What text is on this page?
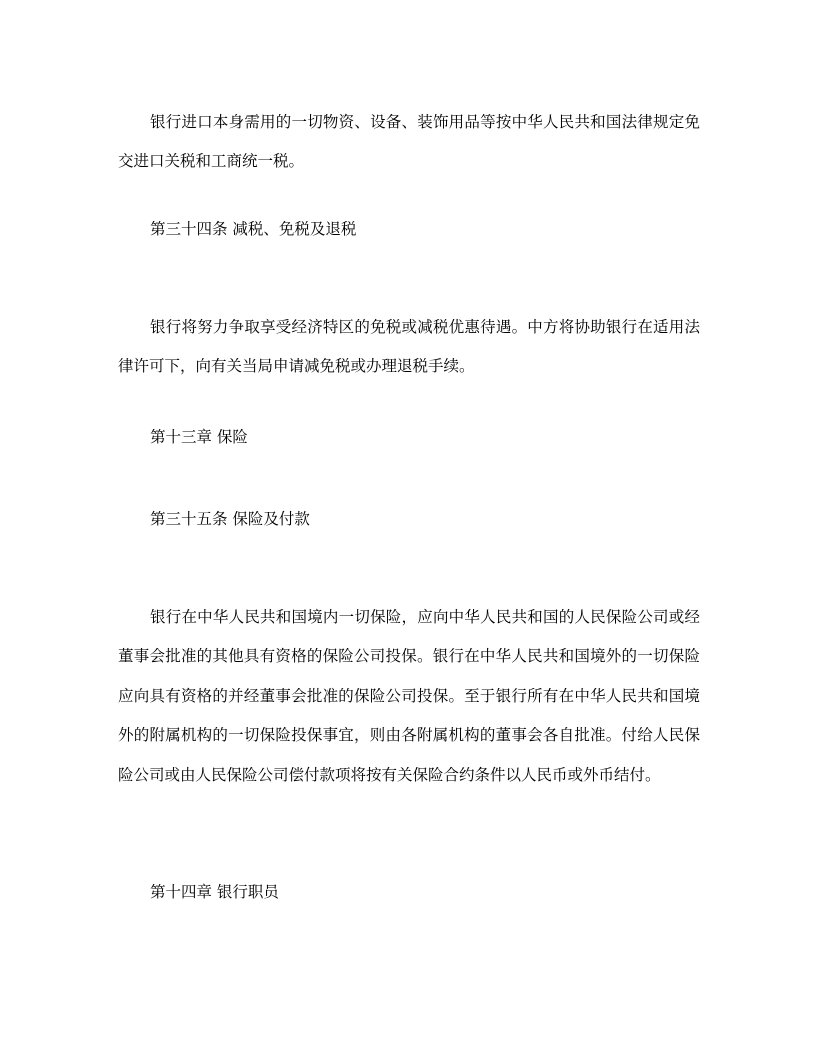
银行进口本身需用的一切物资、设备、装饰用品等按中华人民共和国法律规定免交进口关税和工商统一税。

第三十四条 减税、免税及退税

银行将努力争取享受经济特区的免税或减税优惠待遇。中方将协助银行在适用法律许可下，向有关当局申请减免税或办理退税手续。

第十三章 保险
第三十五条 保险及付款

银行在中华人民共和国境内一切保险，应向中华人民共和国的人民保险公司或经董事会批准的其他具有资格的保险公司投保。银行在中华人民共和国境外的一切保险应向具有资格的并经董事会批准的保险公司投保。至于银行所有在中华人民共和国境外的附属机构的一切保险投保事宜，则由各附属机构的董事会各自批准。付给人民保险公司或由人民保险公司偿付款项将按有关保险合约条件以人民币或外币结付。

第十四章 银行职员
